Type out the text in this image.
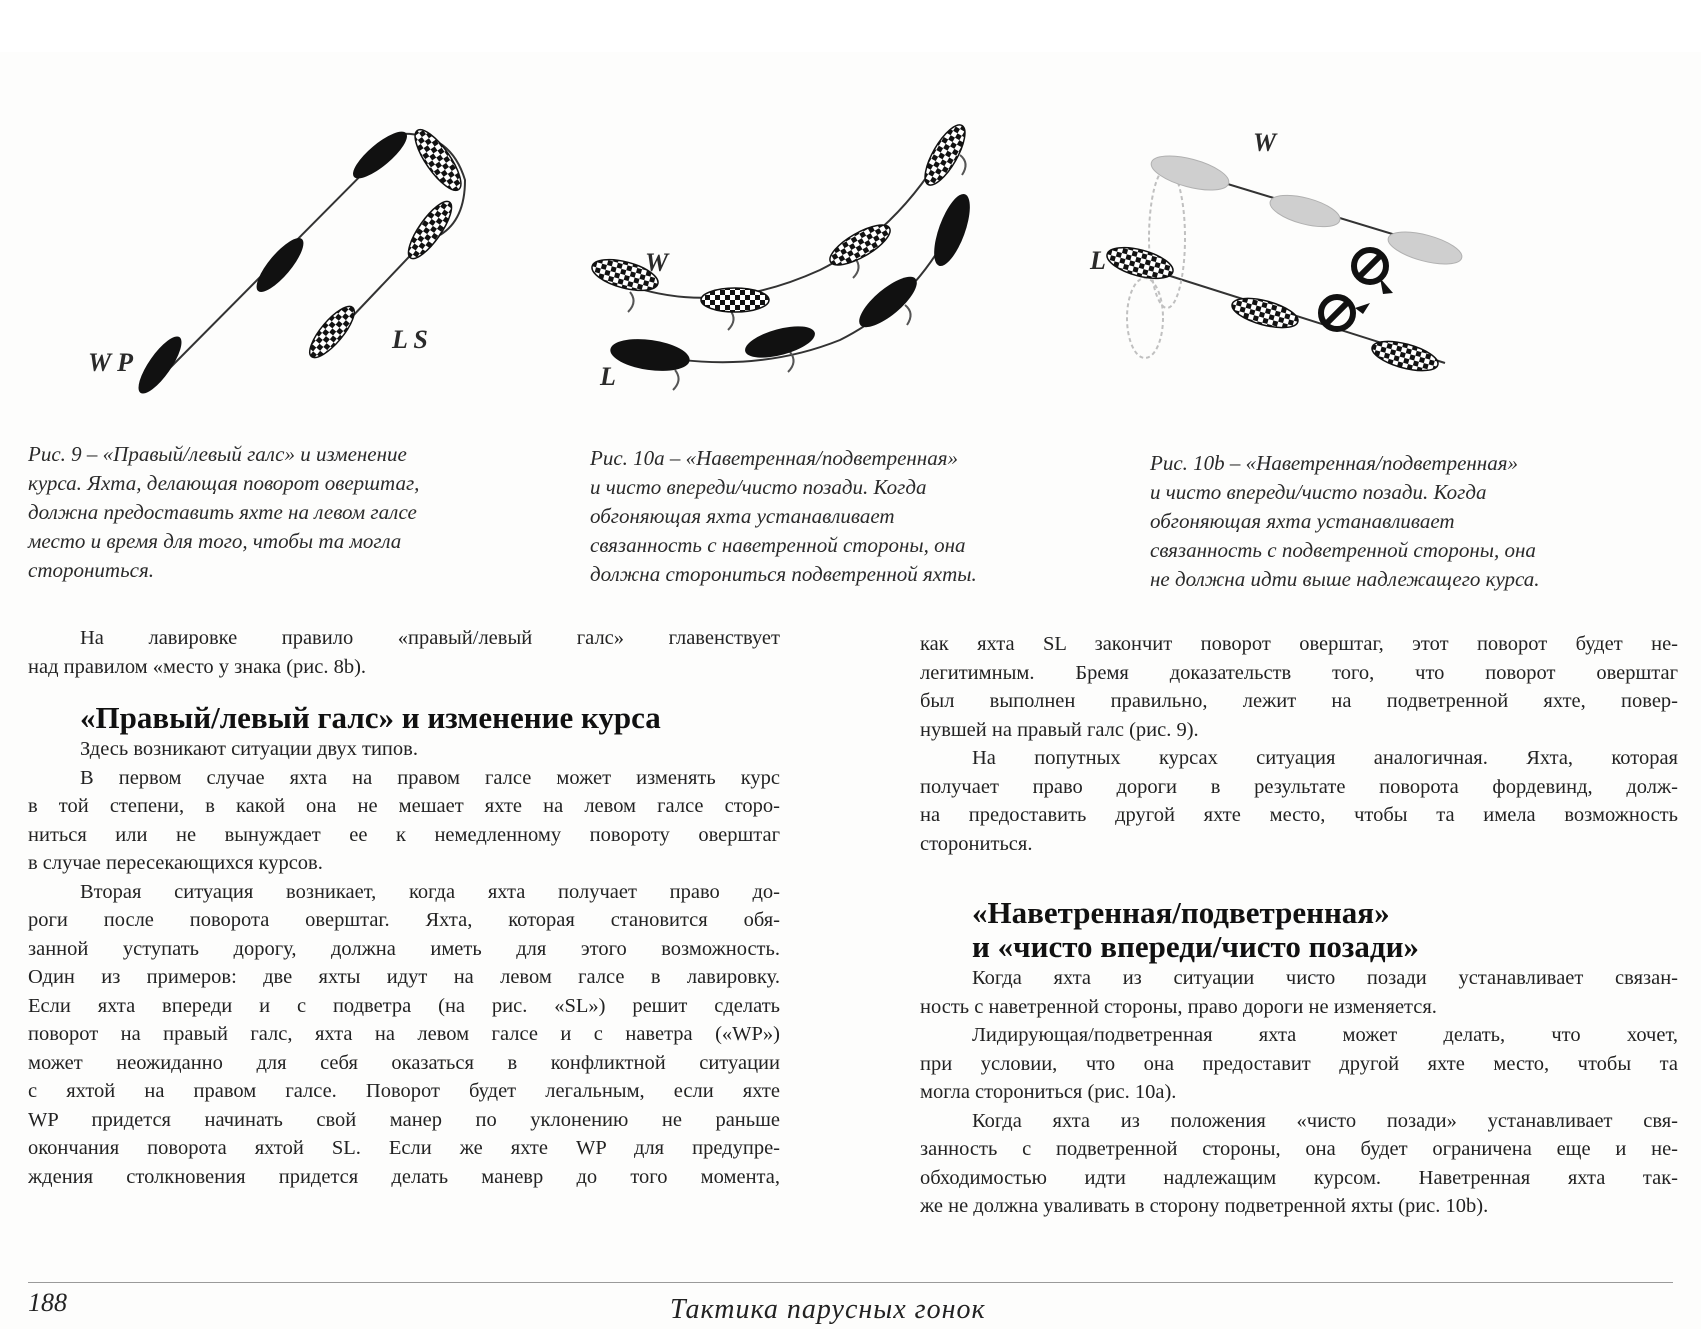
W P
L S
W
L
W
L
Рис. 9 – «Правый/левый галс» и изменение
курса. Яхта, делающая поворот оверштаг,
должна предоставить яхте на левом галсе
место и время для того, чтобы та могла
сторониться.
Рис. 10a – «Наветренная/подветренная»
и чисто впереди/чисто позади. Когда
обгоняющая яхта устанавливает
связанность с наветренной стороны, она
должна сторониться подветренной яхты.
Рис. 10b – «Наветренная/подветренная»
и чисто впереди/чисто позади. Когда
обгоняющая яхта устанавливает
связанность с подветренной стороны, она
не должна идти выше надлежащего курса.

На лавировке правило «правый/левый галс» главенствует
над правилом «место у знака (рис. 8b).

«Правый/левый галс» и изменение курса

Здесь возникают ситуации двух типов.

В первом случае яхта на правом галсе может изменять курс
в той степени, в какой она не мешает яхте на левом галсе сторо-
ниться или не вынуждает ее к немедленному повороту оверштаг
в случае пересекающихся курсов.

Вторая ситуация возникает, когда яхта получает право до-
роги после поворота оверштаг. Яхта, которая становится обя-
занной уступать дорогу, должна иметь для этого возможность.
Один из примеров: две яхты идут на левом галсе в лавировку.
Если яхта впереди и с подветра (на рис. «SL») решит сделать
поворот на правый галс, яхта на левом галсе и с наветра («WP»)
может неожиданно для себя оказаться в конфликтной ситуации
с яхтой на правом галсе. Поворот будет легальным, если яхте
WP придется начинать свой манер по уклонению не раньше
окончания поворота яхтой SL. Если же яхте WP для предупре-
ждения столкновения придется делать маневр до того момента,

как яхта SL закончит поворот оверштаг, этот поворот будет не-
легитимным. Бремя доказательств того, что поворот оверштаг
был выполнен правильно, лежит на подветренной яхте, повер-
нувшей на правый галс (рис. 9).

На попутных курсах ситуация аналогичная. Яхта, которая
получает право дороги в результате поворота фордевинд, долж-
на предоставить другой яхте место, чтобы та имела возможность
сторониться.

«Наветренная/подветренная»
и «чисто впереди/чисто позади»

Когда яхта из ситуации чисто позади устанавливает связан-
ность с наветренной стороны, право дороги не изменяется.

Лидирующая/подветренная яхта может делать, что хочет,
при условии, что она предоставит другой яхте место, чтобы та
могла сторониться (рис. 10a).

Когда яхта из положения «чисто позади» устанавливает свя-
занность с подветренной стороны, она будет ограничена еще и не-
обходимостью идти надлежащим курсом. Наветренная яхта так-
же не должна уваливать в сторону подветренной яхты (рис. 10b).

188	Тактика парусных гонок
